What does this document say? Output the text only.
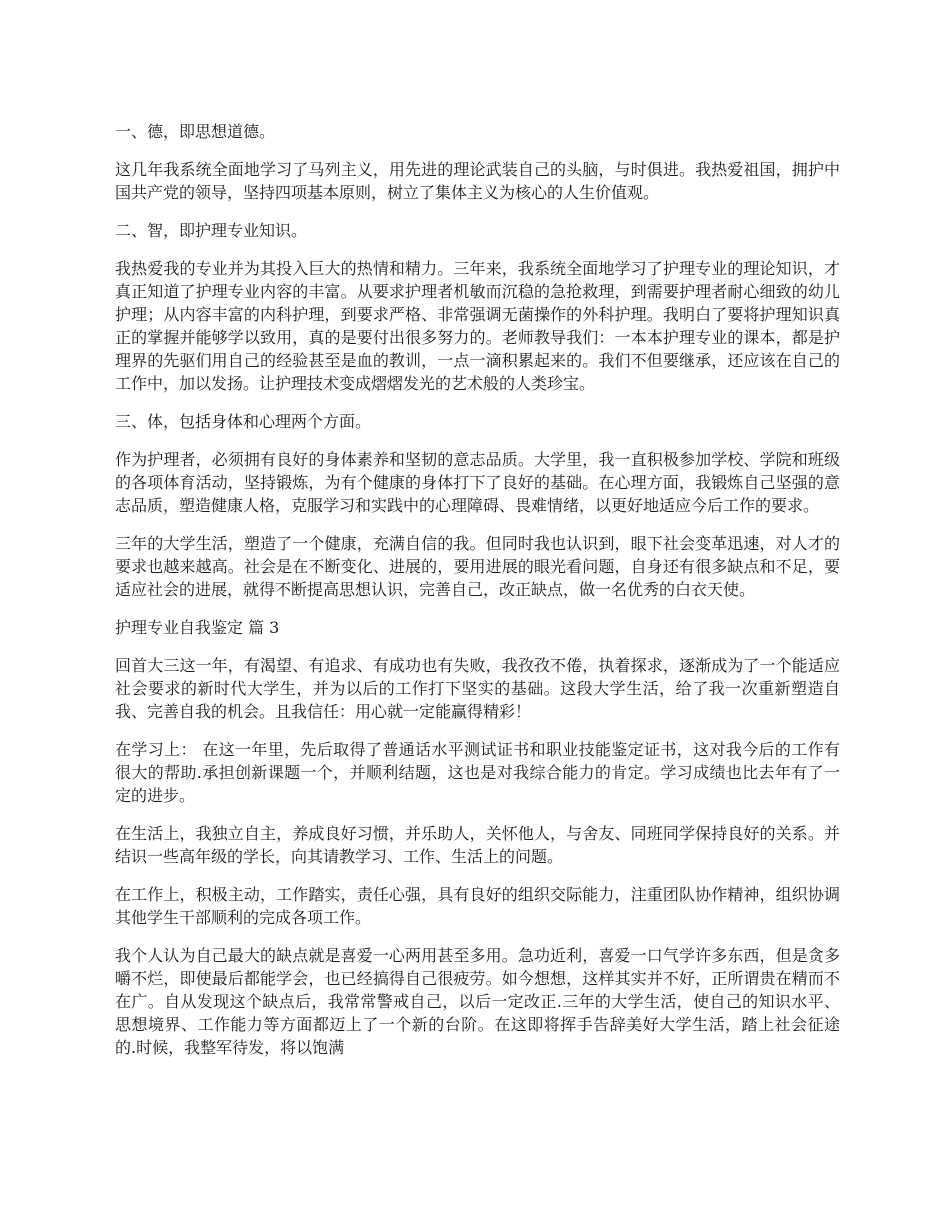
一、德，即思想道德。

这几年我系统全面地学习了马列主义，用先进的理论武装自己的头脑，与时俱进。我热爱祖国，拥护中国共产党的领导，坚持四项基本原则，树立了集体主义为核心的人生价值观。

二、智，即护理专业知识。

我热爱我的专业并为其投入巨大的热情和精力。三年来，我系统全面地学习了护理专业的理论知识，才真正知道了护理专业内容的丰富。从要求护理者机敏而沉稳的急抢救理，到需要护理者耐心细致的幼儿护理；从内容丰富的内科护理，到要求严格、非常强调无菌操作的外科护理。我明白了要将护理知识真正的掌握并能够学以致用，真的是要付出很多努力的。老师教导我们：一本本护理专业的课本，都是护理界的先驱们用自己的经验甚至是血的教训，一点一滴积累起来的。我们不但要继承，还应该在自己的工作中，加以发扬。让护理技术变成熠熠发光的艺术般的人类珍宝。

三、体，包括身体和心理两个方面。

作为护理者，必须拥有良好的身体素养和坚韧的意志品质。大学里，我一直积极参加学校、学院和班级的各项体育活动，坚持锻炼，为有个健康的身体打下了良好的基础。在心理方面，我锻炼自己坚强的意志品质，塑造健康人格，克服学习和实践中的心理障碍、畏难情绪，以更好地适应今后工作的要求。

三年的大学生活，塑造了一个健康，充满自信的我。但同时我也认识到，眼下社会变革迅速，对人才的要求也越来越高。社会是在不断变化、进展的，要用进展的眼光看问题，自身还有很多缺点和不足，要适应社会的进展，就得不断提高思想认识，完善自己，改正缺点，做一名优秀的白衣天使。

护理专业自我鉴定 篇 3

回首大三这一年，有渴望、有追求、有成功也有失败，我孜孜不倦，执着探求，逐渐成为了一个能适应社会要求的新时代大学生，并为以后的工作打下坚实的基础。这段大学生活，给了我一次重新塑造自我、完善自我的机会。且我信任：用心就一定能赢得精彩！

在学习上： 在这一年里，先后取得了普通话水平测试证书和职业技能鉴定证书，这对我今后的工作有很大的帮助.承担创新课题一个，并顺利结题，这也是对我综合能力的肯定。学习成绩也比去年有了一定的进步。

在生活上，我独立自主，养成良好习惯，并乐助人，关怀他人，与舍友、同班同学保持良好的关系。并结识一些高年级的学长，向其请教学习、工作、生活上的问题。

在工作上，积极主动，工作踏实，责任心强，具有良好的组织交际能力，注重团队协作精神，组织协调其他学生干部顺利的完成各项工作。

我个人认为自己最大的缺点就是喜爱一心两用甚至多用。急功近利，喜爱一口气学许多东西，但是贪多嚼不烂，即使最后都能学会，也已经搞得自己很疲劳。如今想想，这样其实并不好，正所谓贵在精而不在广。自从发现这个缺点后，我常常警戒自己，以后一定改正.三年的大学生活，使自己的知识水平、思想境界、工作能力等方面都迈上了一个新的台阶。在这即将挥手告辞美好大学生活，踏上社会征途的.时候，我整军待发，将以饱满
